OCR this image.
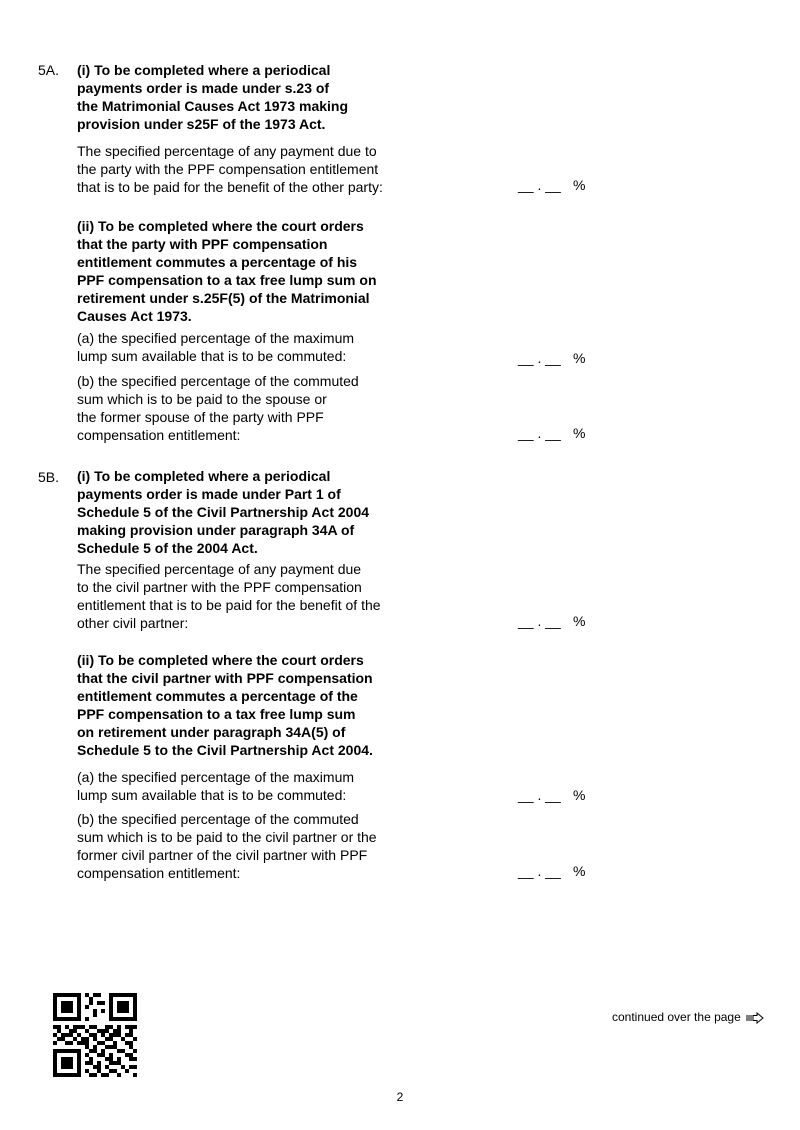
5A. (i) To be completed where a periodical
payments order is made under s.23 of
the Matrimonial Causes Act 1973 making
provision under s25F of the 1973 Act.
The specified percentage of any payment due to
the party with the PPF compensation entitlement
that is to be paid for the benefit of the other party:	__ . __ %
(ii) To be completed where the court orders
that the party with PPF compensation
entitlement commutes a percentage of his
PPF compensation to a tax free lump sum on
retirement under s.25F(5) of the Matrimonial
Causes Act 1973.
(a) the specified percentage of the maximum
lump sum available that is to be commuted:	__ . __ %
(b) the specified percentage of the commuted
sum which is to be paid to the spouse or
the former spouse of the party with PPF
compensation entitlement:	__ . __ %
5B. (i) To be completed where a periodical
payments order is made under Part 1 of
Schedule 5 of the Civil Partnership Act 2004
making provision under paragraph 34A of
Schedule 5 of the 2004 Act.
The specified percentage of any payment due
to the civil partner with the PPF compensation
entitlement that is to be paid for the benefit of the
other civil partner:	__ . __ %
(ii) To be completed where the court orders
that the civil partner with PPF compensation
entitlement commutes a percentage of the
PPF compensation to a tax free lump sum
on retirement under paragraph 34A(5) of
Schedule 5 to the Civil Partnership Act 2004.
(a) the specified percentage of the maximum
lump sum available that is to be commuted:	__ . __ %
(b) the specified percentage of the commuted
sum which is to be paid to the civil partner or the
former civil partner of the civil partner with PPF
compensation entitlement:	__ . __ %
continued over the page
2
